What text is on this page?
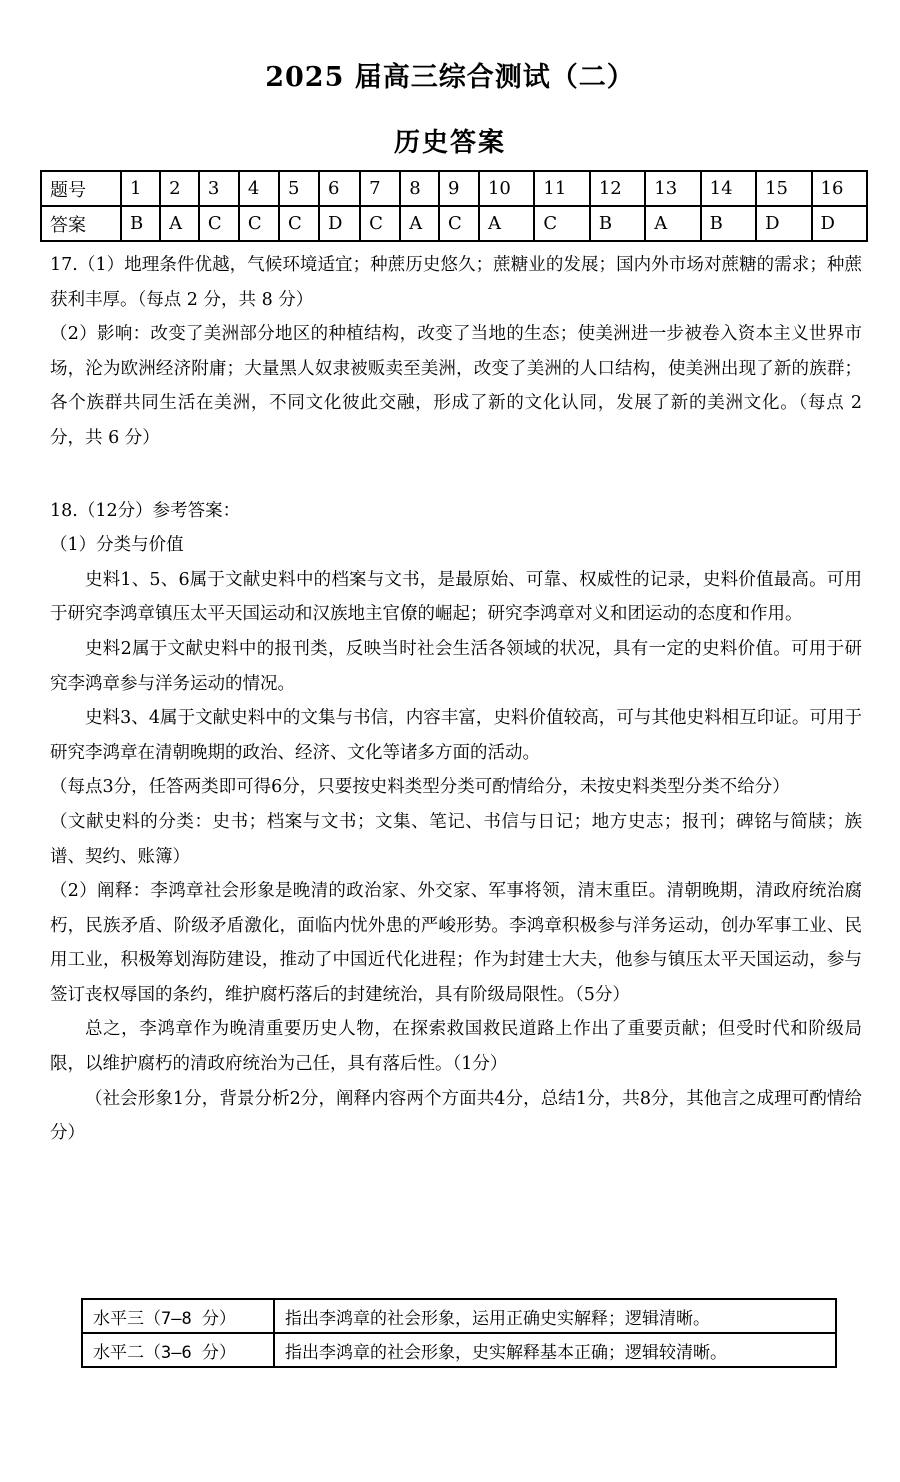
2025 届高三综合测试（二）
历史答案
题号	1	2	3	4	5	6	7	8	9	10	11	12	13	14	15	16
答案	B	A	C	C	C	D	C	A	C	A	C	B	A	B	D	D

17.（1）地理条件优越，气候环境适宜；种蔗历史悠久；蔗糖业的发展；国内外市场对蔗糖的需求；种蔗获利丰厚。（每点 2 分，共 8 分）

（2）影响：改变了美洲部分地区的种植结构，改变了当地的生态；使美洲进一步被卷入资本主义世界市场，沦为欧洲经济附庸；大量黑人奴隶被贩卖至美洲，改变了美洲的人口结构，使美洲出现了新的族群；各个族群共同生活在美洲，不同文化彼此交融，形成了新的文化认同，发展了新的美洲文化。（每点 2 分，共 6 分）

18.（12分）参考答案：

（1）分类与价值

史料1、5、6属于文献史料中的档案与文书，是最原始、可靠、权威性的记录，史料价值最高。可用于研究李鸿章镇压太平天国运动和汉族地主官僚的崛起；研究李鸿章对义和团运动的态度和作用。

史料2属于文献史料中的报刊类，反映当时社会生活各领域的状况，具有一定的史料价值。可用于研究李鸿章参与洋务运动的情况。

史料3、4属于文献史料中的文集与书信，内容丰富，史料价值较高，可与其他史料相互印证。可用于研究李鸿章在清朝晚期的政治、经济、文化等诸多方面的活动。

（每点3分，任答两类即可得6分，只要按史料类型分类可酌情给分，未按史料类型分类不给分）

（文献史料的分类：史书；档案与文书；文集、笔记、书信与日记；地方史志；报刊；碑铭与简牍；族谱、契约、账簿）

（2）阐释：李鸿章社会形象是晚清的政治家、外交家、军事将领，清末重臣。清朝晚期，清政府统治腐朽，民族矛盾、阶级矛盾激化，面临内忧外患的严峻形势。李鸿章积极参与洋务运动，创办军事工业、民用工业，积极筹划海防建设，推动了中国近代化进程；作为封建士大夫，他参与镇压太平天国运动，参与签订丧权辱国的条约，维护腐朽落后的封建统治，具有阶级局限性。（5分）

总之，李鸿章作为晚清重要历史人物，在探索救国救民道路上作出了重要贡献；但受时代和阶级局限，以维护腐朽的清政府统治为己任，具有落后性。（1分）

（社会形象1分，背景分析2分，阐释内容两个方面共4分，总结1分，共8分，其他言之成理可酌情给分）

水平三（7—8 分）	指出李鸿章的社会形象，运用正确史实解释；逻辑清晰。
水平二（3—6 分）	指出李鸿章的社会形象，史实解释基本正确；逻辑较清晰。
